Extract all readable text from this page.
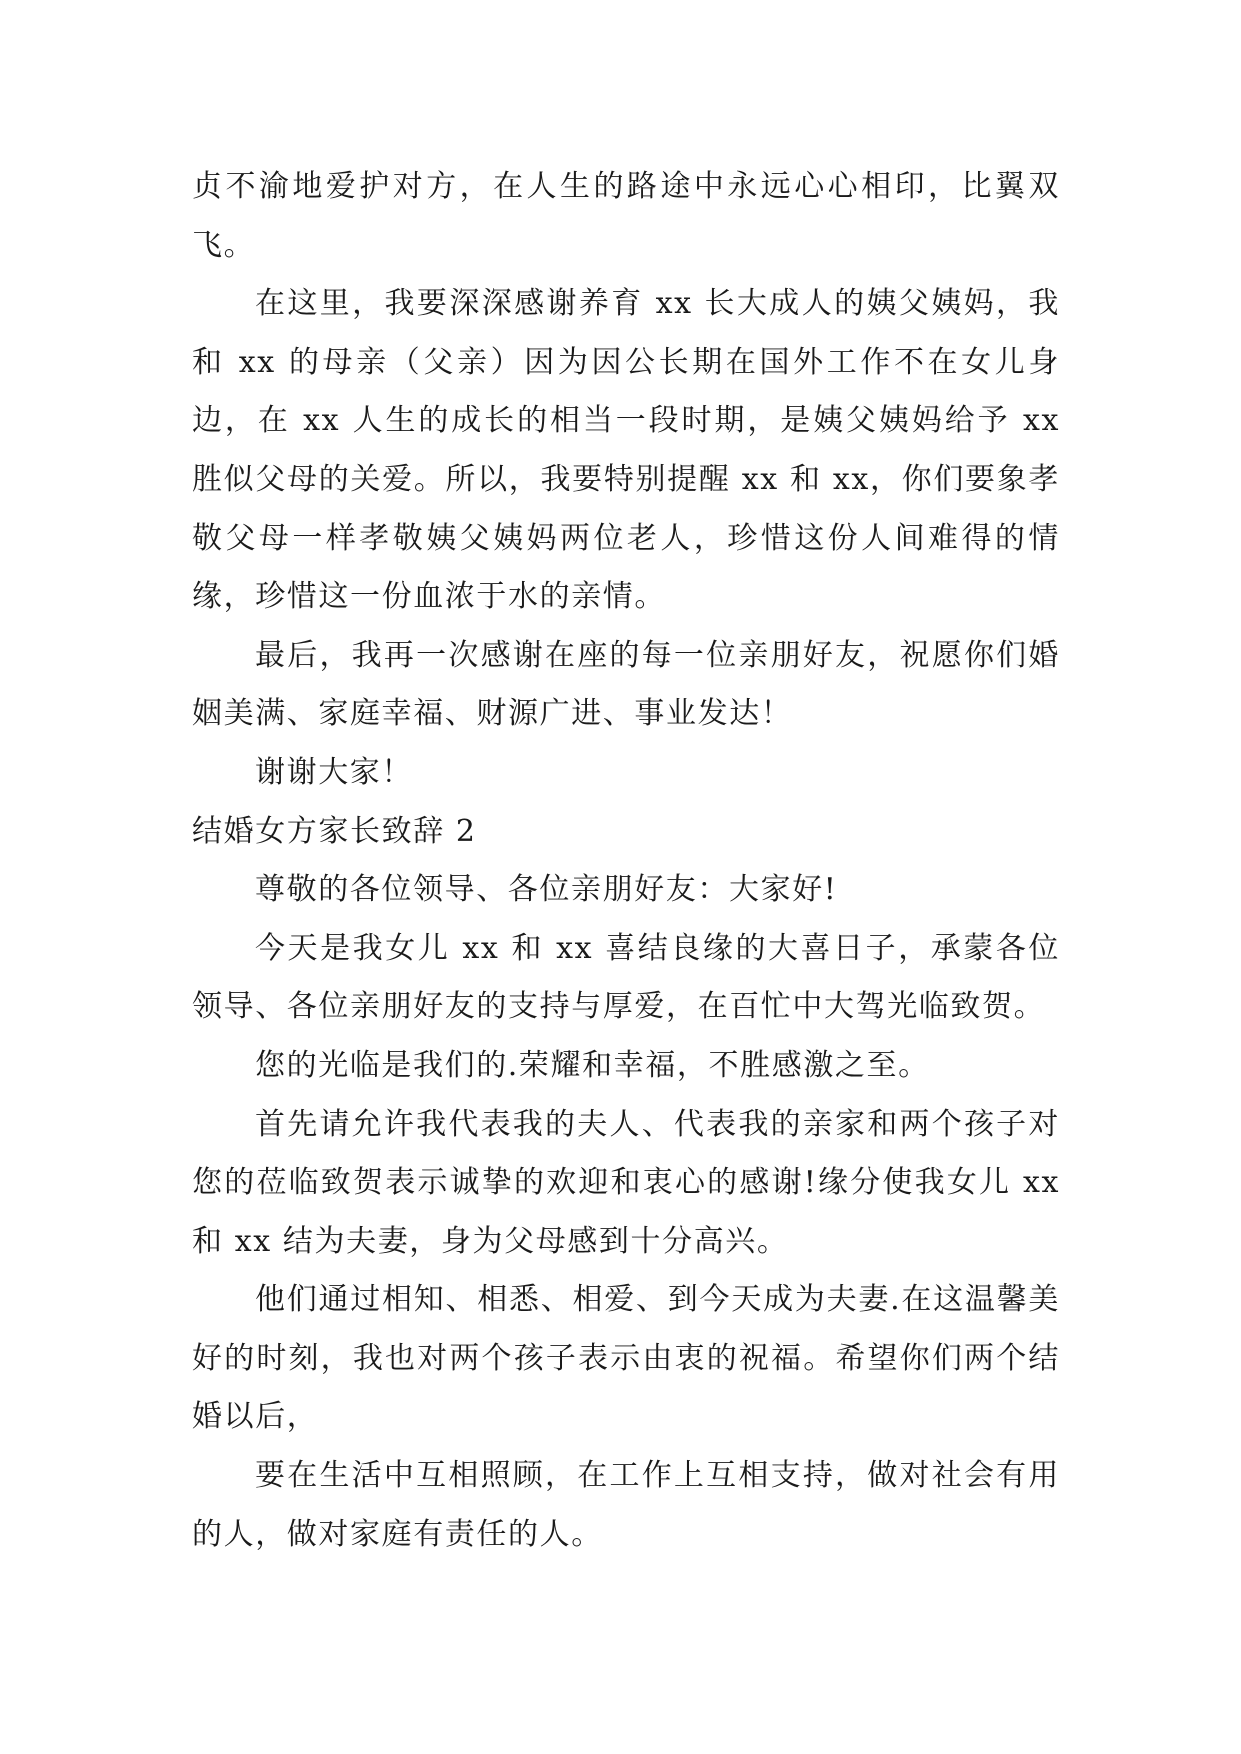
贞不渝地爱护对方，在人生的路途中永远心心相印，比翼双飞。

在这里，我要深深感谢养育 xx 长大成人的姨父姨妈，我和 xx 的母亲（父亲）因为因公长期在国外工作不在女儿身边，在 xx 人生的成长的相当一段时期，是姨父姨妈给予 xx 胜似父母的关爱。所以，我要特别提醒 xx 和 xx，你们要象孝敬父母一样孝敬姨父姨妈两位老人，珍惜这份人间难得的情缘，珍惜这一份血浓于水的亲情。

最后，我再一次感谢在座的每一位亲朋好友，祝愿你们婚姻美满、家庭幸福、财源广进、事业发达！

谢谢大家！

结婚女方家长致辞 2

尊敬的各位领导、各位亲朋好友：大家好!

今天是我女儿 xx 和 xx 喜结良缘的大喜日子，承蒙各位领导、各位亲朋好友的支持与厚爱，在百忙中大驾光临致贺。

您的光临是我们的.荣耀和幸福，不胜感激之至。

首先请允许我代表我的夫人、代表我的亲家和两个孩子对您的莅临致贺表示诚挚的欢迎和衷心的感谢!缘分使我女儿 xx 和 xx 结为夫妻，身为父母感到十分高兴。

他们通过相知、相悉、相爱、到今天成为夫妻.在这温馨美好的时刻，我也对两个孩子表示由衷的祝福。希望你们两个结婚以后，

要在生活中互相照顾，在工作上互相支持，做对社会有用的人，做对家庭有责任的人。
